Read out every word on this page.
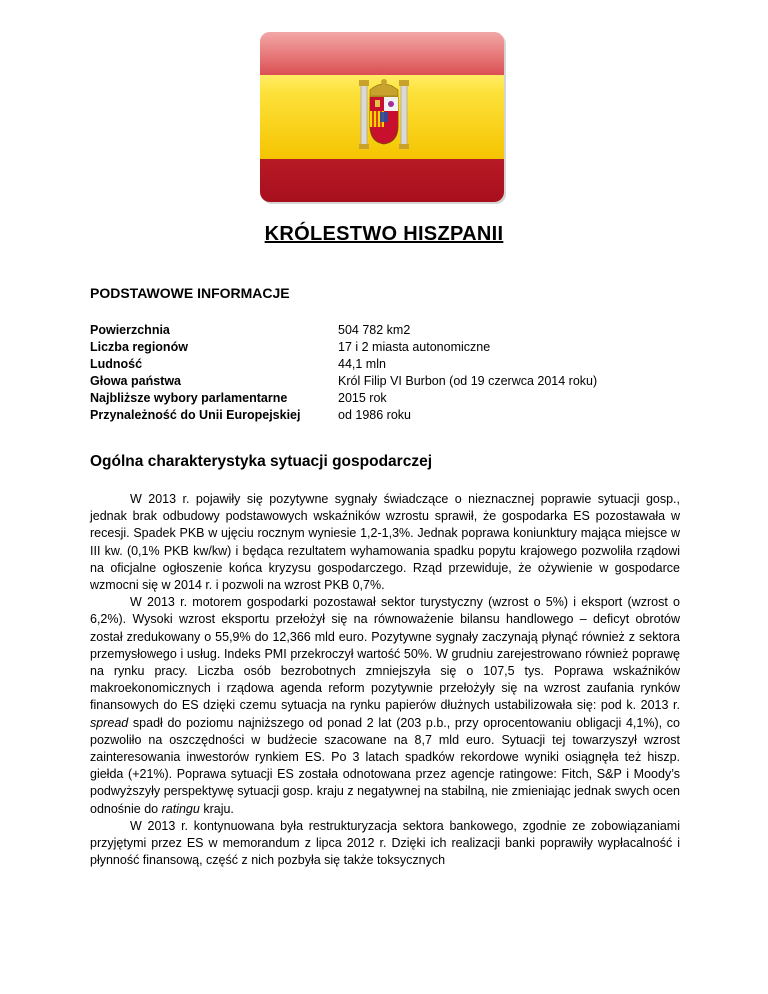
KRÓLESTWO HISZPANII
PODSTAWOWE INFORMACJE
Powierzchnia	504 782 km2
Liczba regionów	17 i 2 miasta autonomiczne
Ludność	44,1 mln
Głowa państwa	Król Filip VI Burbon (od 19 czerwca 2014 roku)
Najbliższe wybory parlamentarne	2015 rok
Przynależność do Unii Europejskiej	od 1986 roku
Ogólna charakterystyka sytuacji gospodarczej

W 2013 r. pojawiły się pozytywne sygnały świadczące o nieznacznej poprawie sytuacji gosp., jednak brak odbudowy podstawowych wskaźników wzrostu sprawił, że gospodarka ES pozostawała w recesji. Spadek PKB w ujęciu rocznym wyniesie 1,2-1,3%. Jednak poprawa koniunktury mająca miejsce w III kw. (0,1% PKB kw/kw) i będąca rezultatem wyhamowania spadku popytu krajowego pozwoliła rządowi na oficjalne ogłoszenie końca kryzysu gospodarczego. Rząd przewiduje, że ożywienie w gospodarce wzmocni się w 2014 r. i pozwoli na wzrost PKB 0,7%.

W 2013 r. motorem gospodarki pozostawał sektor turystyczny (wzrost o 5%) i eksport (wzrost o 6,2%). Wysoki wzrost eksportu przełożył się na równoważenie bilansu handlowego – deficyt obrotów został zredukowany o 55,9% do 12,366 mld euro. Pozytywne sygnały zaczynają płynąć również z sektora przemysłowego i usług. Indeks PMI przekroczył wartość 50%. W grudniu zarejestrowano również poprawę na rynku pracy. Liczba osób bezrobotnych zmniejszyła się o 107,5 tys. Poprawa wskaźników makroekonomicznych i rządowa agenda reform pozytywnie przełożyły się na wzrost zaufania rynków finansowych do ES dzięki czemu sytuacja na rynku papierów dłużnych ustabilizowała się: pod k. 2013 r. spread spadł do poziomu najniższego od ponad 2 lat (203 p.b., przy oprocentowaniu obligacji 4,1%), co pozwoliło na oszczędności w budżecie szacowane na 8,7 mld euro. Sytuacji tej towarzyszył wzrost zainteresowania inwestorów rynkiem ES. Po 3 latach spadków rekordowe wyniki osiągnęła też hiszp. giełda (+21%). Poprawa sytuacji ES została odnotowana przez agencje ratingowe: Fitch, S&P i Moody’s podwyższyły perspektywę sytuacji gosp. kraju z negatywnej na stabilną, nie zmieniając jednak swych ocen odnośnie do ratingu kraju.

W 2013 r. kontynuowana była restrukturyzacja sektora bankowego, zgodnie ze zobowiązaniami przyjętymi przez ES w memorandum z lipca 2012 r. Dzięki ich realizacji banki poprawiły wypłacalność i płynność finansową, część z nich pozbyła się także toksycznych
